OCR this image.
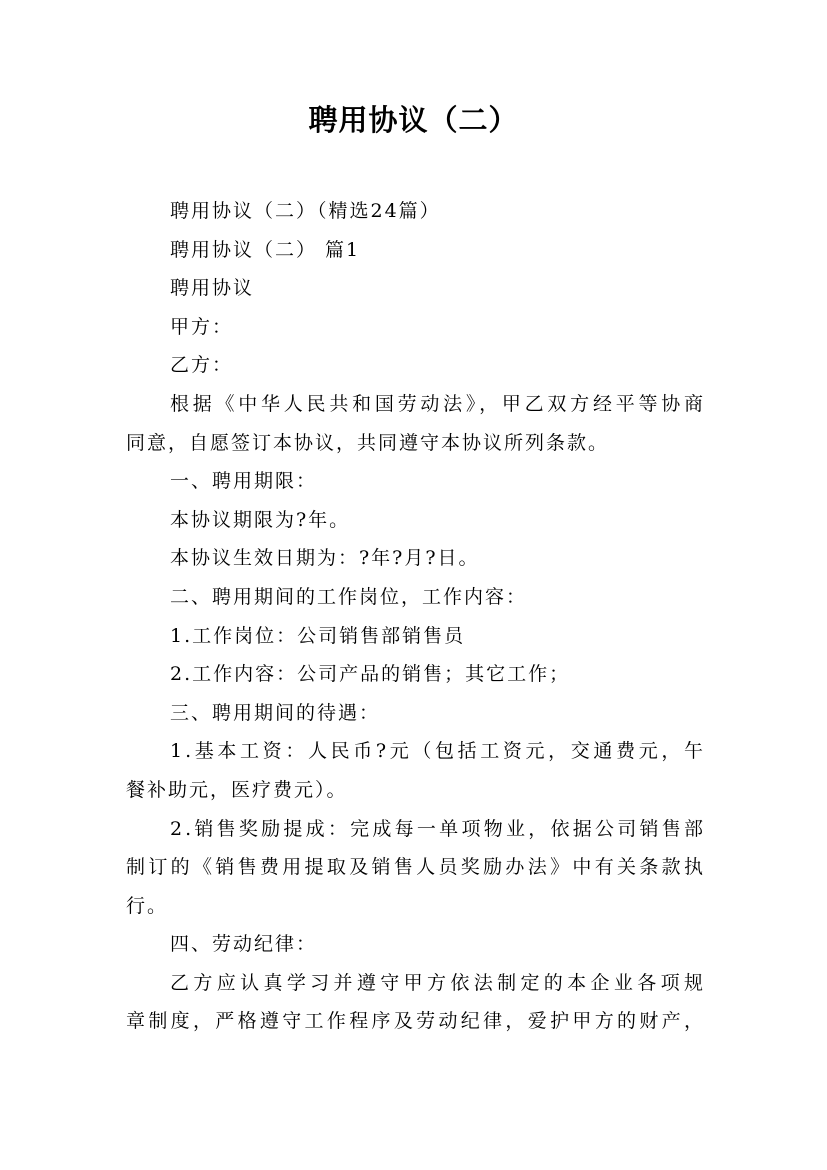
聘用协议（二）
聘用协议（二）（精选24篇）
聘用协议（二） 篇1
聘用协议
甲方：
乙方：
根据《中华人民共和国劳动法》，甲乙双方经平等协商
同意，自愿签订本协议，共同遵守本协议所列条款。
一、聘用期限：
本协议期限为?年。
本协议生效日期为：?年?月?日。
二、聘用期间的工作岗位，工作内容：
1.工作岗位：公司销售部销售员
2.工作内容：公司产品的销售；其它工作；
三、聘用期间的待遇：
1.基本工资：人民币?元（包括工资元，交通费元，午
餐补助元，医疗费元）。
2.销售奖励提成：完成每一单项物业，依据公司销售部
制订的《销售费用提取及销售人员奖励办法》中有关条款执
行。
四、劳动纪律：
乙方应认真学习并遵守甲方依法制定的本企业各项规
章制度，严格遵守工作程序及劳动纪律，爱护甲方的财产，
